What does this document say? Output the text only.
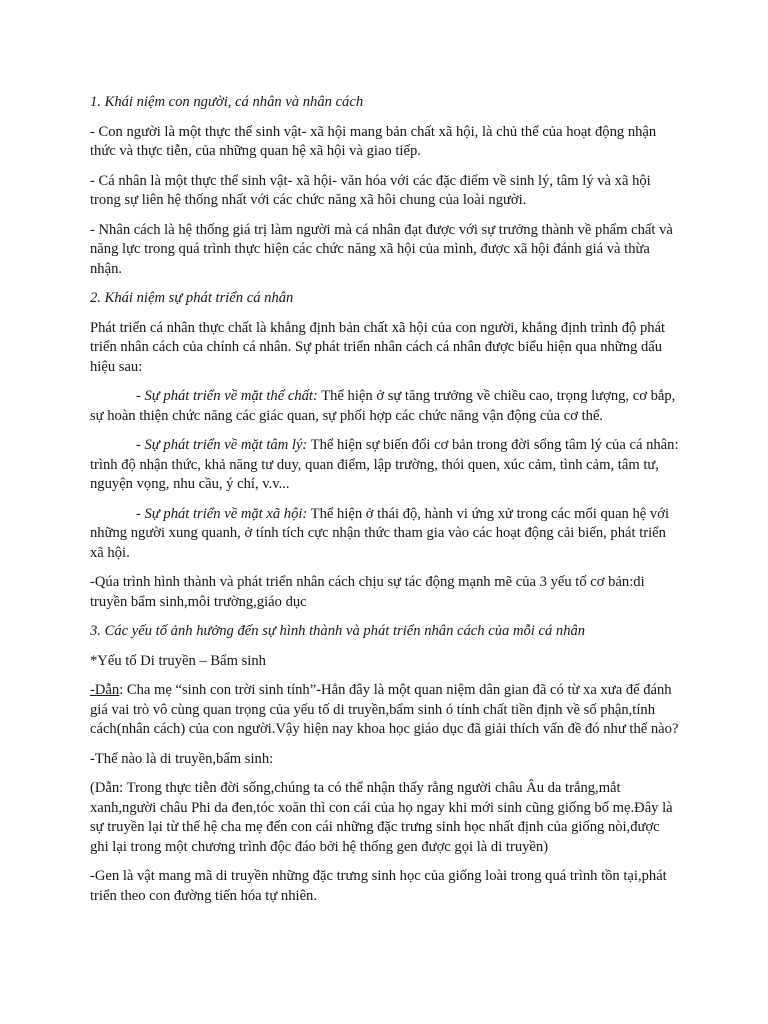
1. Khái niệm con người, cá nhân và nhân cách

- Con người là một thực thể sinh vật- xã hội mang bản chất xã hội, là chủ thể của hoạt động nhận thức và thực tiễn, của những quan hệ xã hội và giao tiếp.

- Cá nhân là một thực thể sinh vật- xã hội- văn hóa với các đặc điểm về sinh lý, tâm lý và xã hội trong sự liên hệ thống nhất với các chức năng xã hôi chung của loài người.

- Nhân cách là hệ thống giá trị làm người mà cá nhân đạt được với sự trưởng thành về phẩm chất và năng lực trong quá trình thực hiện các chức năng xã hội của mình, được xã hội đánh giá và thừa nhận.

2. Khái niệm sự phát triển cá nhân

Phát triển cá nhân thực chất là khẳng định bản chất xã hội của con người, khẳng định trình độ phát triển nhân cách của chính cá nhân. Sự phát triển nhân cách cá nhân được biểu hiện qua những dấu hiệu sau:

- Sự phát triển về mặt thể chất: Thể hiện ở sự tăng trưởng về chiều cao, trọng lượng, cơ bắp, sự hoàn thiện chức năng các giác quan, sự phối hợp các chức năng vận động của cơ thể.

- Sự phát triển về mặt tâm lý: Thể hiện sự biến đổi cơ bản trong đời sống tâm lý của cá nhân: trình độ nhận thức, khả năng tư duy, quan điểm, lập trường, thói quen, xúc cảm, tình cảm, tâm tư, nguyện vọng, nhu cầu, ý chí, v.v...

- Sự phát triển về mặt xã hội: Thể hiện ở thái độ, hành vi ứng xử trong các mối quan hệ với những người xung quanh, ở tính tích cực nhận thức tham gia vào các hoạt động cải biến, phát triển xã hội.

-Qúa trình hình thành và phát triển nhân cách chịu sự tác động mạnh mẽ của 3 yếu tố cơ bản:di truyền bẩm sinh,môi trường,giáo dục

3. Các yếu tố ảnh hưởng đến sự hình thành và phát triển nhân cách của mỗi cá nhân

*Yếu tố Di truyền – Bẩm sinh

-Dẫn: Cha mẹ “sinh con trời sinh tính”-Hẳn đây là một quan niệm dân gian đã có từ xa xưa để đánh giá vai trò vô cùng quan trọng của yếu tố di truyền,bẩm sinh ó tính chất tiền định về số phận,tính cách(nhân cách) của con người.Vậy hiện nay khoa học giáo dục đã giải thích vấn đề đó như thế nào?

-Thế nào là di truyền,bẩm sinh:

(Dẫn: Trong thực tiễn đời sống,chúng ta có thể nhận thấy rằng người châu Âu da trắng,mắt xanh,người châu Phi da đen,tóc xoăn thì con cái của họ ngay khi mới sinh cũng giống bố mẹ.Đây là sự truyền lại từ thế hệ cha mẹ đến con cái những đặc trưng sinh học nhất định của giống nòi,được ghi lại trong một chương trình độc đáo bởi hệ thống gen được gọi là di truyền)

-Gen là vật mang mã di truyền những đặc trưng sinh học của giống loài trong quá trình tồn tại,phát triển theo con đường tiến hóa tự nhiên.
